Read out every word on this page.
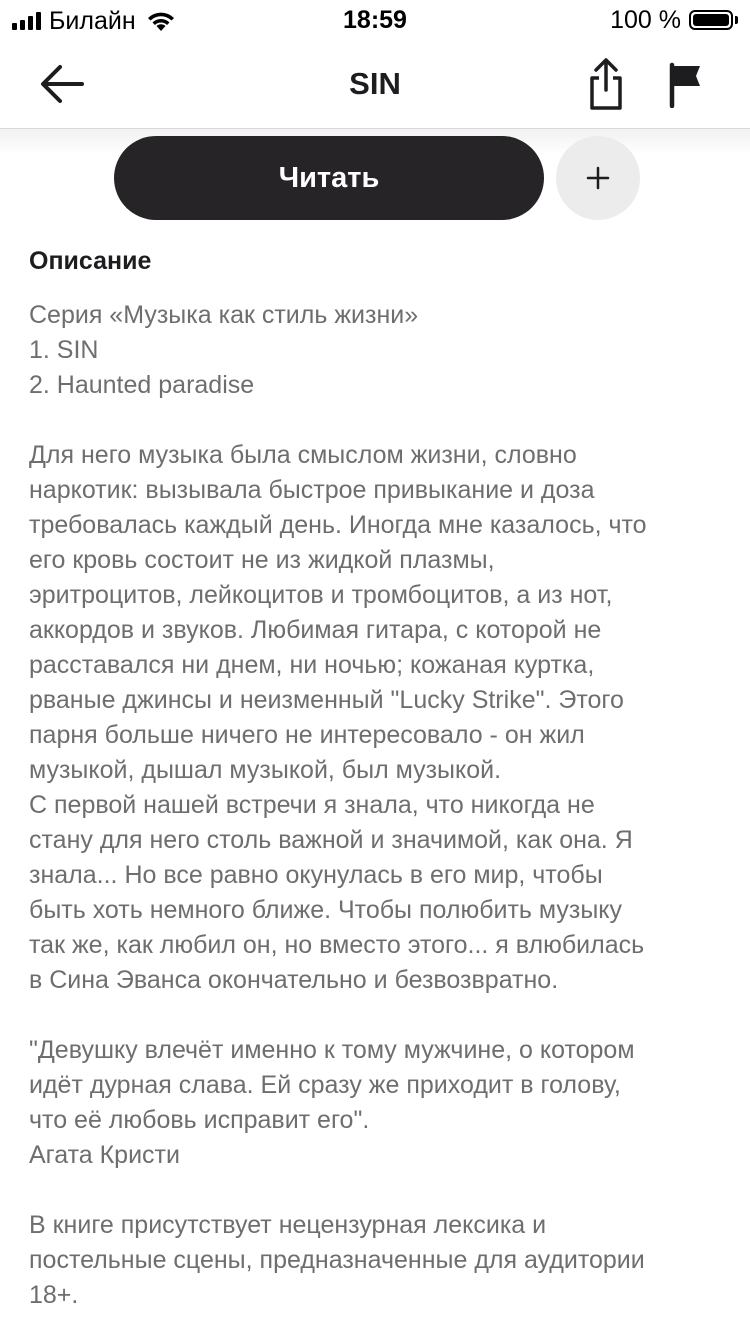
Билайн	18:59	100 %
SIN
Читать
+
Описание

Серия «Музыка как стиль жизни»

1. SIN

2. Haunted paradise

Для него музыка была смыслом жизни, словно

наркотик: вызывала быстрое привыкание и доза

требовалась каждый день. Иногда мне казалось, что

его кровь состоит не из жидкой плазмы,

эритроцитов, лейкоцитов и тромбоцитов, а из нот,

аккордов и звуков. Любимая гитара, с которой не

расставался ни днем, ни ночью; кожаная куртка,

рваные джинсы и неизменный "Lucky Strike". Этого

парня больше ничего не интересовало - он жил

музыкой, дышал музыкой, был музыкой.

С первой нашей встречи я знала, что никогда не

стану для него столь важной и значимой, как она. Я

знала... Но все равно окунулась в его мир, чтобы

быть хоть немного ближе. Чтобы полюбить музыку

так же, как любил он, но вместо этого... я влюбилась

в Сина Эванса окончательно и безвозвратно.

"Девушку влечёт именно к тому мужчине, о котором

идёт дурная слава. Ей сразу же приходит в голову,

что её любовь исправит его".

Агата Кристи

В книге присутствует нецензурная лексика и

постельные сцены, предназначенные для аудитории

18+.
